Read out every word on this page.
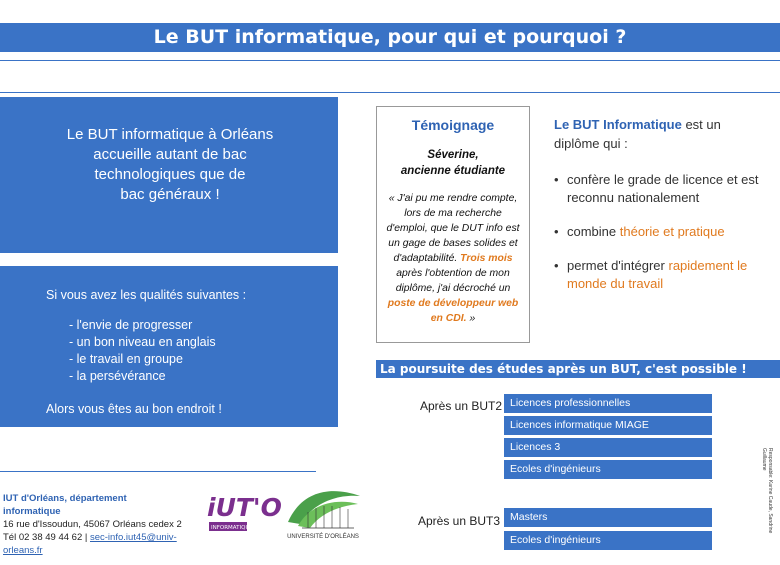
Le BUT informatique, pour qui et pourquoi ?
Le BUT informatique à Orléans
accueille autant de bac
technologiques que de
bac généraux !
Si vous avez les qualités suivantes :
- l'envie de progresser
- un bon niveau en anglais
- le travail en groupe
- la persévérance
Alors vous êtes au bon endroit !
Témoignage
Séverine,
ancienne étudiante
« J'ai pu me rendre compte, lors de ma recherche d'emploi, que le DUT info est un gage de bases solides et d'adaptabilité. Trois mois après l'obtention de mon diplôme, j'ai décroché un poste de développeur web en CDI. »
Le BUT Informatique est un diplôme qui :
• confère le grade de licence et est reconnu nationalement
• combine théorie et pratique
• permet d'intégrer rapidement le monde du travail
La poursuite des études après un BUT, c'est possible !
Après un BUT2 Licences professionnelles
Licences informatique MIAGE
Licences 3
Ecoles d'ingénieurs
Après un BUT3 Masters
Ecoles d'ingénieurs
Responsable: Karine Caude, Sandrine Guillaume
IUT d'Orléans, département informatique
16 rue d'Issoudun, 45067 Orléans cedex 2
Tél 02 38 49 44 62 | sec-info.iut45@univ-orleans.fr
iUT'O
INFORMATIQUE
UNIVERSITÉ D'ORLÉANS
